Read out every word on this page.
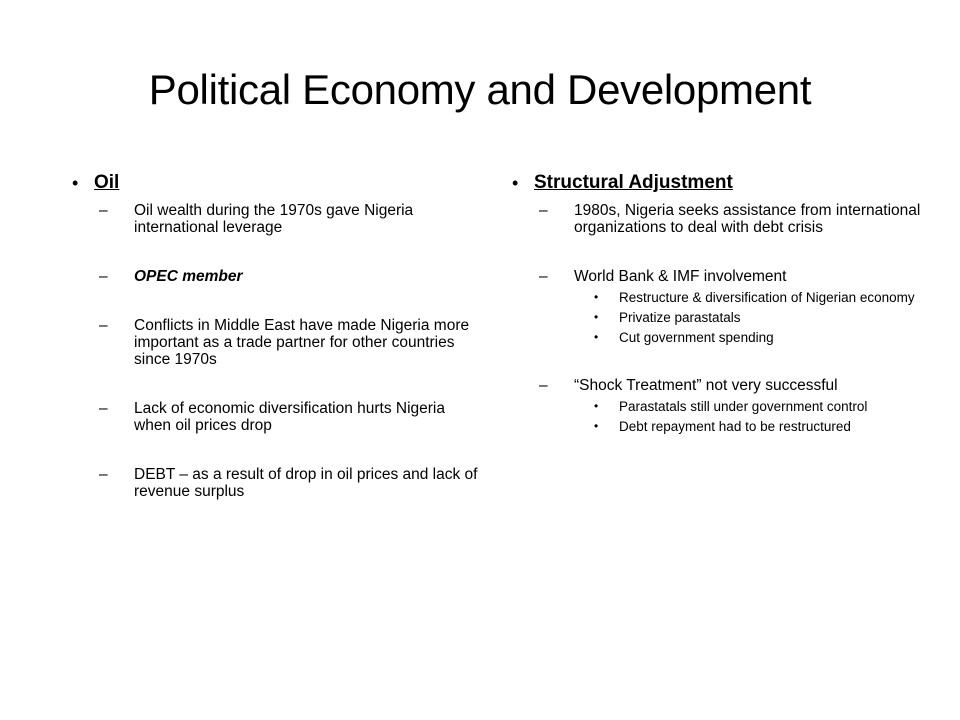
Political Economy and Development
• Oil
– Oil wealth during the 1970s gave Nigeria international leverage
– OPEC member
– Conflicts in Middle East have made Nigeria more important as a trade partner for other countries since 1970s
– Lack of economic diversification hurts Nigeria when oil prices drop
– DEBT – as a result of drop in oil prices and lack of revenue surplus
• Structural Adjustment
– 1980s, Nigeria seeks assistance from international organizations to deal with debt crisis
– World Bank & IMF involvement
• Restructure & diversification of Nigerian economy
• Privatize parastatals
• Cut government spending
– “Shock Treatment” not very successful
• Parastatals still under government control
• Debt repayment had to be restructured
